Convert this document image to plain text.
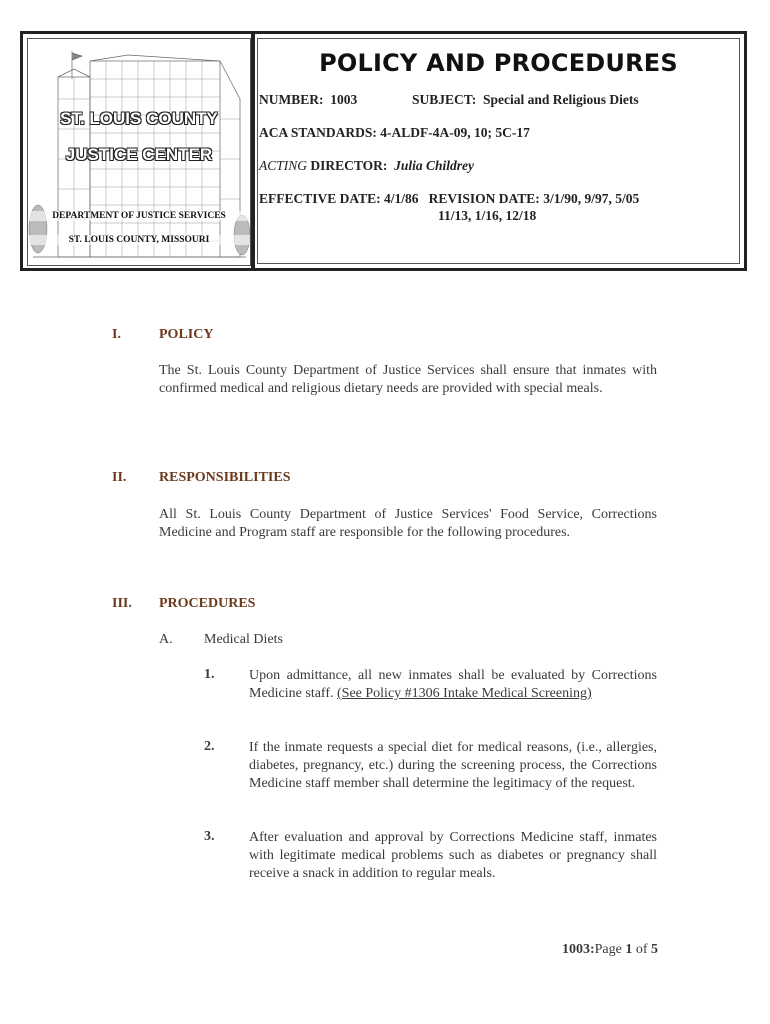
ST. LOUIS COUNTY
JUSTICE CENTER
DEPARTMENT OF JUSTICE SERVICES
ST. LOUIS COUNTY, MISSOURI
POLICY AND PROCEDURES
NUMBER: 1003	SUBJECT: Special and Religious Diets
ACA STANDARDS: 4-ALDF-4A-09, 10; 5C-17
ACTING DIRECTOR: Julia Childrey
EFFECTIVE DATE: 4/1/86 REVISION DATE: 3/1/90, 9/97, 5/05
11/13, 1/16, 12/18
I.	POLICY
The St. Louis County Department of Justice Services shall ensure that inmates with confirmed medical and religious dietary needs are provided with special meals.
II. RESPONSIBILITIES
All St. Louis County Department of Justice Services' Food Service, Corrections Medicine and Program staff are responsible for the following procedures.
III. PROCEDURES
A. Medical Diets
1. Upon admittance, all new inmates shall be evaluated by Corrections Medicine staff. (See Policy #1306 Intake Medical Screening)
2. If the inmate requests a special diet for medical reasons, (i.e., allergies, diabetes, pregnancy, etc.) during the screening process, the Corrections Medicine staff member shall determine the legitimacy of the request.
3. After evaluation and approval by Corrections Medicine staff, inmates with legitimate medical problems such as diabetes or pregnancy shall receive a snack in addition to regular meals.
1003:Page 1 of 5
